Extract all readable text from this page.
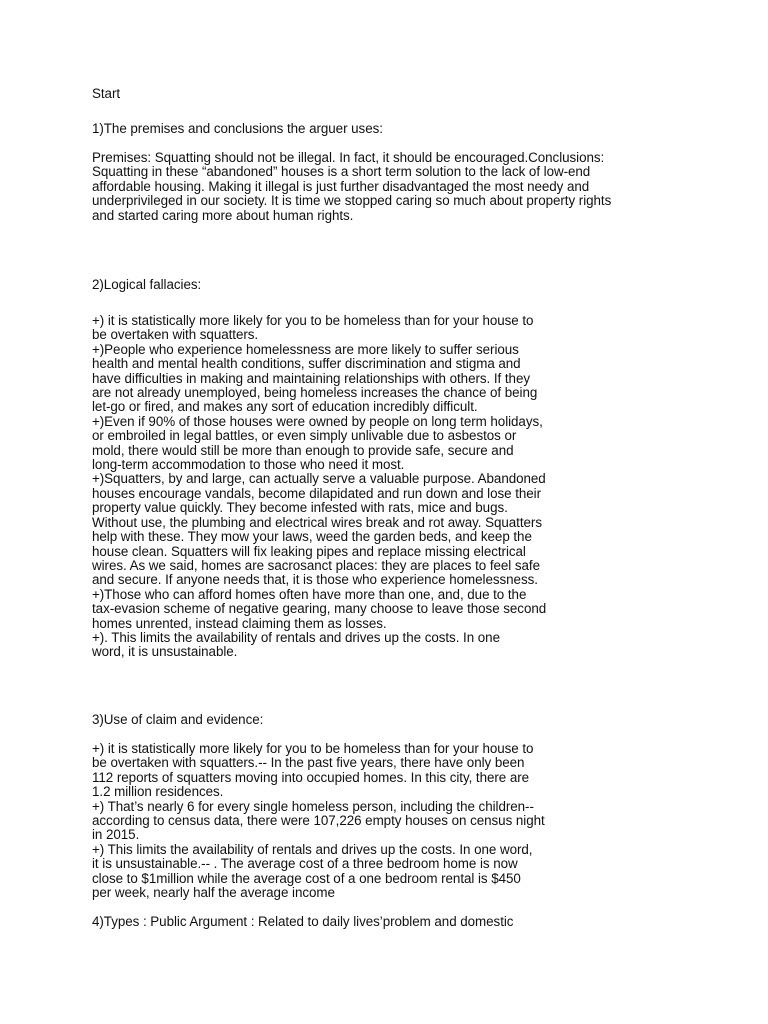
Start

1)The premises and conclusions the arguer uses:

Premises: Squatting should not be illegal. In fact, it should be encouraged.Conclusions:
Squatting in these “abandoned” houses is a short term solution to the lack of low-end
affordable housing. Making it illegal is just further disadvantaged the most needy and
underprivileged in our society. It is time we stopped caring so much about property rights
and started caring more about human rights.

2)Logical fallacies:

+) it is statistically more likely for you to be homeless than for your house to
be overtaken with squatters.
+)People who experience homelessness are more likely to suffer serious
health and mental health conditions, suffer discrimination and stigma and
have difficulties in making and maintaining relationships with others. If they
are not already unemployed, being homeless increases the chance of being
let-go or fired, and makes any sort of education incredibly difficult.
+)Even if 90% of those houses were owned by people on long term holidays,
or embroiled in legal battles, or even simply unlivable due to asbestos or
mold, there would still be more than enough to provide safe, secure and
long-term accommodation to those who need it most.
+)Squatters, by and large, can actually serve a valuable purpose. Abandoned
houses encourage vandals, become dilapidated and run down and lose their
property value quickly. They become infested with rats, mice and bugs.
Without use, the plumbing and electrical wires break and rot away. Squatters
help with these. They mow your laws, weed the garden beds, and keep the
house clean. Squatters will fix leaking pipes and replace missing electrical
wires. As we said, homes are sacrosanct places: they are places to feel safe
and secure. If anyone needs that, it is those who experience homelessness.
+)Those who can afford homes often have more than one, and, due to the
tax-evasion scheme of negative gearing, many choose to leave those second
homes unrented, instead claiming them as losses.
+). This limits the availability of rentals and drives up the costs. In one
word, it is unsustainable.

3)Use of claim and evidence:

+) it is statistically more likely for you to be homeless than for your house to
be overtaken with squatters.-- In the past five years, there have only been
112 reports of squatters moving into occupied homes. In this city, there are
1.2 million residences.
+) That’s nearly 6 for every single homeless person, including the children--
according to census data, there were 107,226 empty houses on census night
in 2015.
+) This limits the availability of rentals and drives up the costs. In one word,
it is unsustainable.-- . The average cost of a three bedroom home is now
close to $1million while the average cost of a one bedroom rental is $450
per week, nearly half the average income

4)Types : Public Argument : Related to daily lives’problem and domestic
